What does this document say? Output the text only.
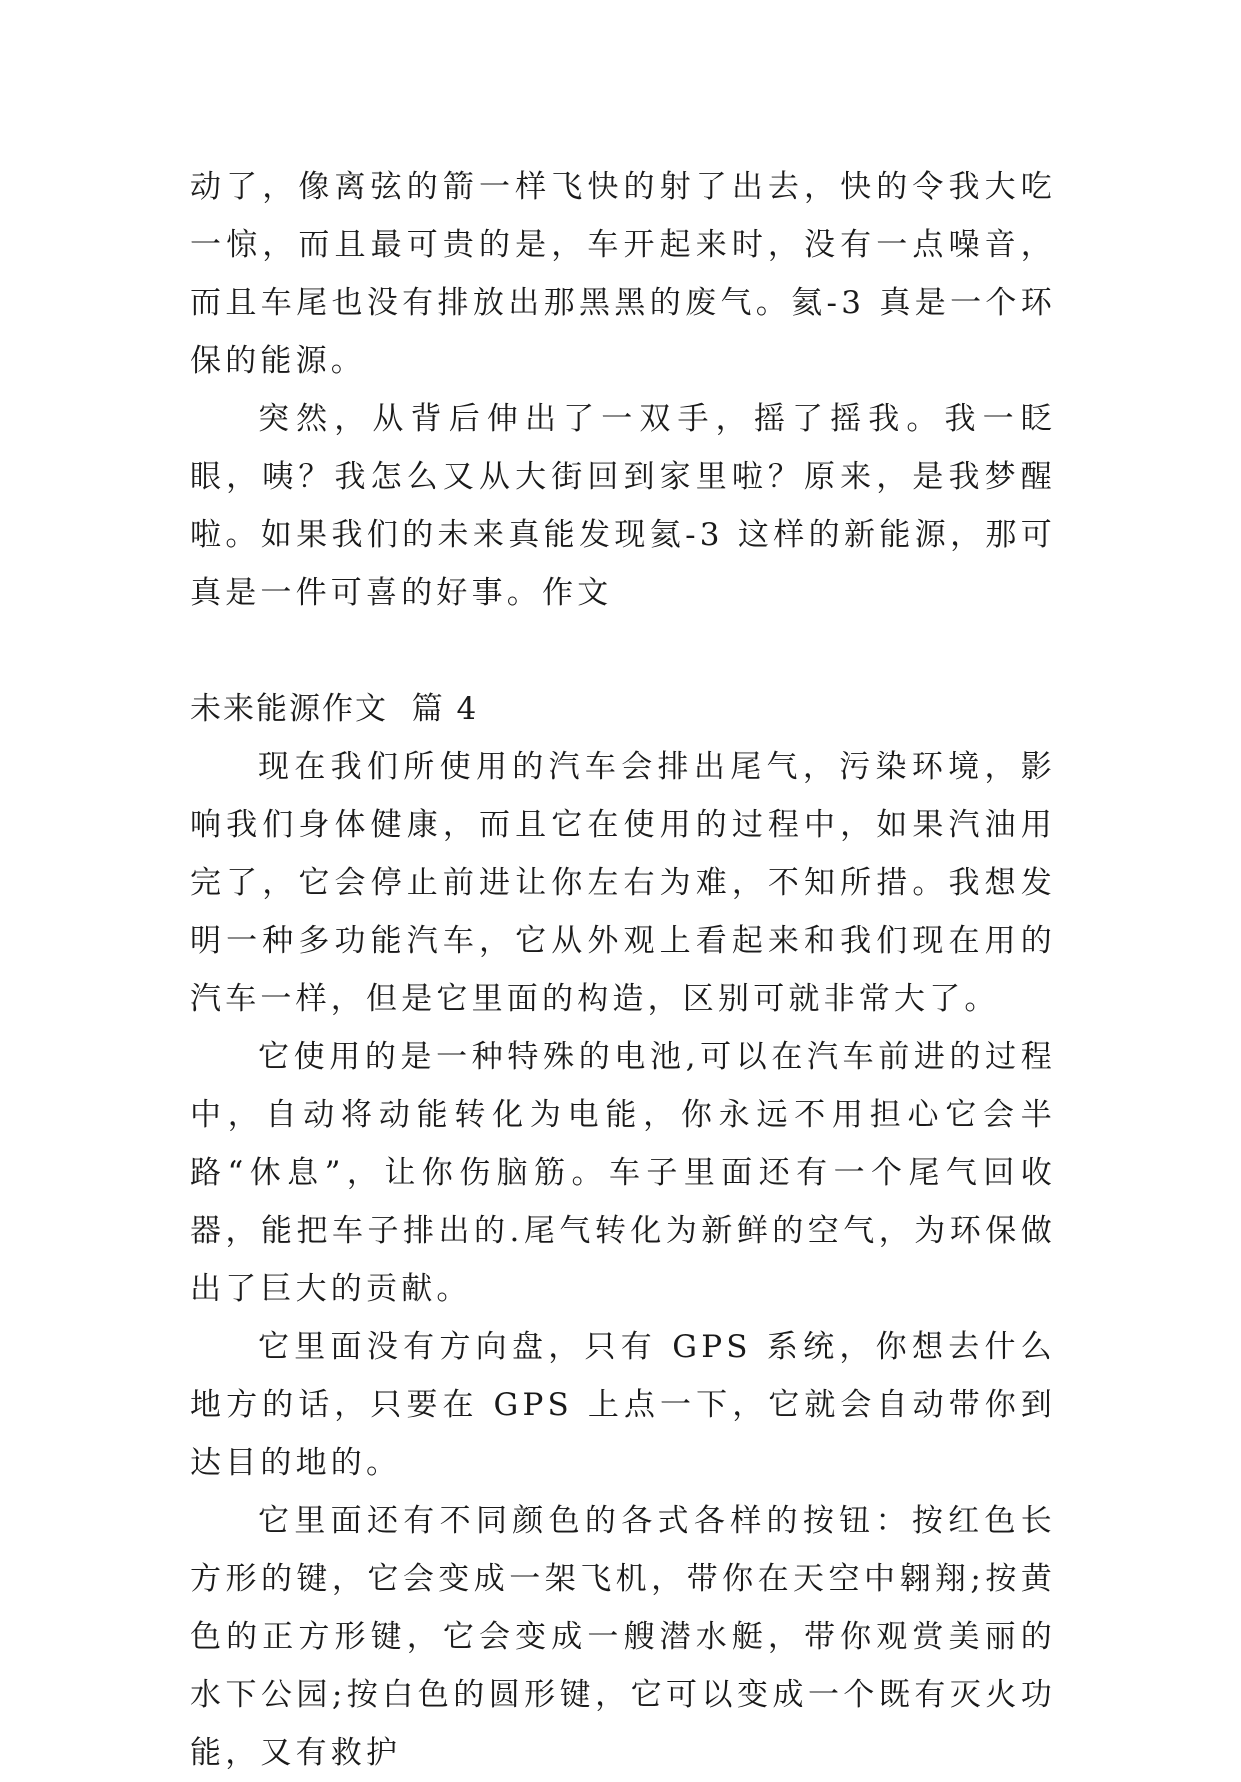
动了，像离弦的箭一样飞快的射了出去，快的令我大吃一惊，而且最可贵的是，车开起来时，没有一点噪音，而且车尾也没有排放出那黑黑的废气。氦-3 真是一个环保的能源。

突然，从背后伸出了一双手，摇了摇我。我一眨眼，咦？我怎么又从大街回到家里啦？原来，是我梦醒啦。如果我们的未来真能发现氦-3 这样的新能源，那可真是一件可喜的好事。作文

未来能源作文  篇 4

现在我们所使用的汽车会排出尾气，污染环境，影响我们身体健康，而且它在使用的过程中，如果汽油用完了，它会停止前进让你左右为难，不知所措。我想发明一种多功能汽车，它从外观上看起来和我们现在用的汽车一样，但是它里面的构造，区别可就非常大了。

它使用的是一种特殊的电池,可以在汽车前进的过程中，自动将动能转化为电能，你永远不用担心它会半路“休息”，让你伤脑筋。车子里面还有一个尾气回收器，能把车子排出的.尾气转化为新鲜的空气，为环保做出了巨大的贡献。

它里面没有方向盘，只有 GPS 系统，你想去什么地方的话，只要在 GPS 上点一下，它就会自动带你到达目的地的。

它里面还有不同颜色的各式各样的按钮：按红色长方形的键，它会变成一架飞机，带你在天空中翱翔;按黄色的正方形键，它会变成一艘潜水艇，带你观赏美丽的水下公园;按白色的圆形键，它可以变成一个既有灭火功能，又有救护
